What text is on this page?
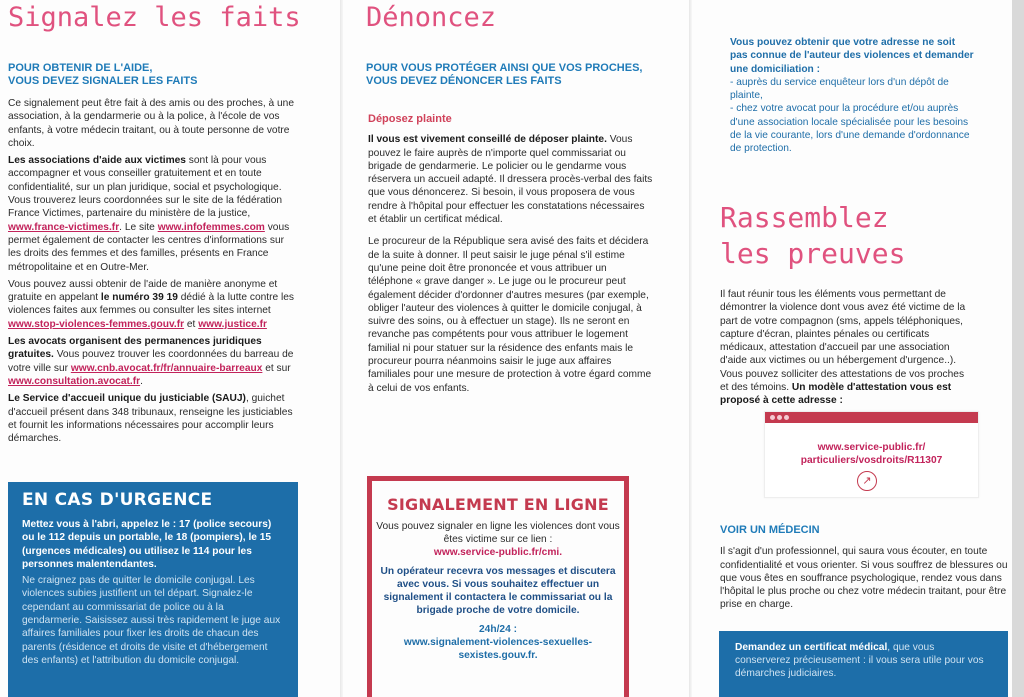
Signalez les faits
POUR OBTENIR DE L'AIDE,
VOUS DEVEZ SIGNALER LES FAITS

Ce signalement peut être fait à des amis ou des proches, à une association, à la gendarmerie ou à la police, à l'école de vos enfants, à votre médecin traitant, ou à toute personne de votre choix.

Les associations d'aide aux victimes sont là pour vous accompagner et vous conseiller gratuitement et en toute confidentialité, sur un plan juridique, social et psychologique. Vous trouverez leurs coordonnées sur le site de la fédération France Victimes, partenaire du ministère de la justice, www.france-victimes.fr. Le site www.infofemmes.com vous permet également de contacter les centres d'informations sur les droits des femmes et des familles, présents en France métropolitaine et en Outre-Mer.

Vous pouvez aussi obtenir de l'aide de manière anonyme et gratuite en appelant le numéro 39 19 dédié à la lutte contre les violences faites aux femmes ou consulter les sites internet www.stop-violences-femmes.gouv.fr et www.justice.fr

Les avocats organisent des permanences juridiques gratuites. Vous pouvez trouver les coordonnées du barreau de votre ville sur www.cnb.avocat.fr/fr/annuaire-barreaux et sur www.consultation.avocat.fr.

Le Service d'accueil unique du justiciable (SAUJ), guichet d'accueil présent dans 348 tribunaux, renseigne les justiciables et fournit les informations nécessaires pour accomplir leurs démarches.

EN CAS D'URGENCE
Mettez vous à l'abri, appelez le : 17 (police secours) ou le 112 depuis un portable, le 18 (pompiers), le 15 (urgences médicales) ou utilisez le 114 pour les personnes malentendantes.
Ne craignez pas de quitter le domicile conjugal. Les violences subies justifient un tel départ. Signalez-le cependant au commissariat de police ou à la gendarmerie. Saisissez aussi très rapidement le juge aux affaires familiales pour fixer les droits de chacun des parents (résidence et droits de visite et d'hébergement des enfants) et l'attribution du domicile conjugal.
Dénoncez
POUR VOUS PROTÉGER AINSI QUE VOS PROCHES,
VOUS DEVEZ DÉNONCER LES FAITS

Déposez plainte

Il vous est vivement conseillé de déposer plainte. Vous pouvez le faire auprès de n'importe quel commissariat ou brigade de gendarmerie. Le policier ou le gendarme vous réservera un accueil adapté. Il dressera procès-verbal des faits que vous dénoncerez. Si besoin, il vous proposera de vous rendre à l'hôpital pour effectuer les constatations nécessaires et établir un certificat médical.

Le procureur de la République sera avisé des faits et décidera de la suite à donner. Il peut saisir le juge pénal s'il estime qu'une peine doit être prononcée et vous attribuer un téléphone « grave danger ». Le juge ou le procureur peut également décider d'ordonner d'autres mesures (par exemple, obliger l'auteur des violences à quitter le domicile conjugal, à suivre des soins, ou à effectuer un stage). Ils ne seront en revanche pas compétents pour vous attribuer le logement familial ni pour statuer sur la résidence des enfants mais le procureur pourra néanmoins saisir le juge aux affaires familiales pour une mesure de protection à votre égard comme à celui de vos enfants.

SIGNALEMENT EN LIGNE
Vous pouvez signaler en ligne les violences dont vous êtes victime sur ce lien :
www.service-public.fr/cmi.
Un opérateur recevra vos messages et discutera avec vous. Si vous souhaitez effectuer un signalement il contactera le commissariat ou la brigade proche de votre domicile.
24h/24 :
www.signalement-violences-sexuelles-sexistes.gouv.fr.
Vous pouvez obtenir que votre adresse ne soit pas connue de l'auteur des violences et demander une domiciliation :
- auprès du service enquêteur lors d'un dépôt de plainte,
- chez votre avocat pour la procédure et/ou auprès d'une association locale spécialisée pour les besoins de la vie courante, lors d'une demande d'ordonnance de protection.
Rassemblez
les preuves

Il faut réunir tous les éléments vous permettant de démontrer la violence dont vous avez été victime de la part de votre compagnon (sms, appels téléphoniques, capture d'écran, plaintes pénales ou certificats médicaux, attestation d'accueil par une association d'aide aux victimes ou un hébergement d'urgence..). Vous pouvez solliciter des attestations de vos proches et des témoins. Un modèle d'attestation vous est proposé à cette adresse :

www.service-public.fr/
particuliers/vosdroits/R11307
↗

VOIR UN MÉDECIN

Il s'agit d'un professionnel, qui saura vous écouter, en toute confidentialité et vous orienter. Si vous souffrez de blessures ou que vous êtes en souffrance psychologique, rendez vous dans l'hôpital le plus proche ou chez votre médecin traitant, pour être prise en charge.

Demandez un certificat médical, que vous conserverez précieusement : il vous sera utile pour vos démarches judiciaires.
